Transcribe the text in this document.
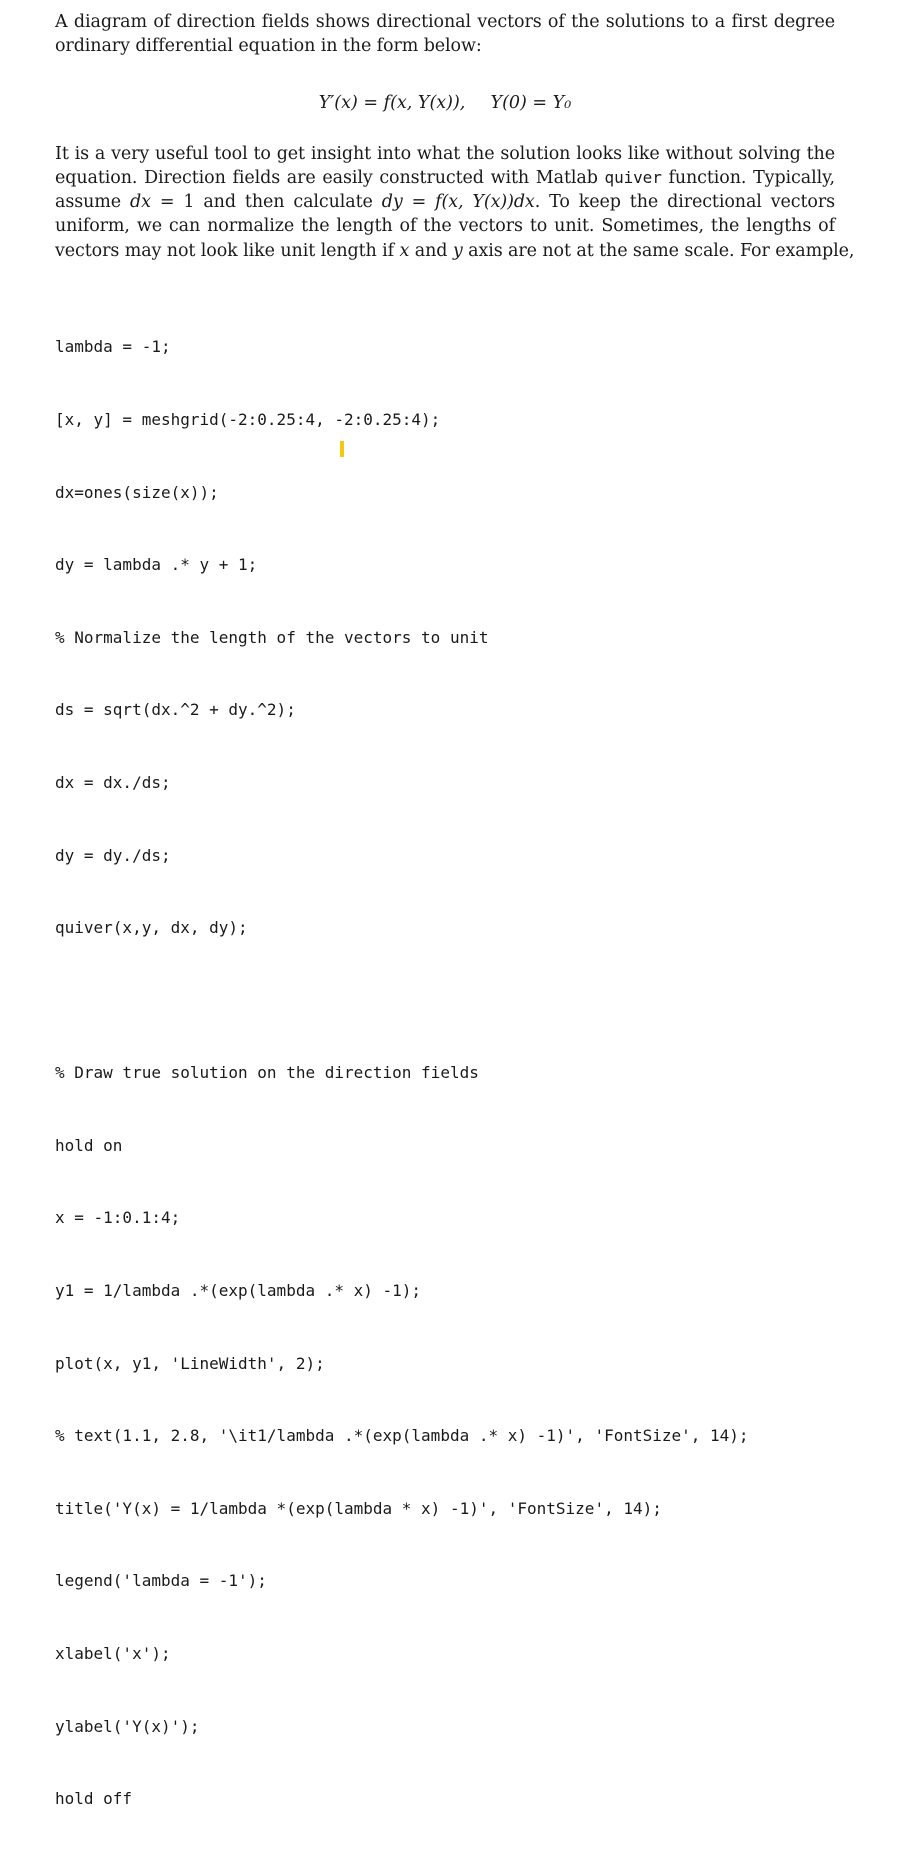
A diagram of direction fields shows directional vectors of the solutions to a first degree
ordinary differential equation in the form below:

Y′(x) = f(x, Y(x)), Y(0) = Y₀

It is a very useful tool to get insight into what the solution looks like without solving the
equation. Direction fields are easily constructed with Matlab quiver function. Typically,
assume dx = 1 and then calculate dy = f(x, Y(x))dx. To keep the directional vectors
uniform, we can normalize the length of the vectors to unit. Sometimes, the lengths of
vectors may not look like unit length if x and y axis are not at the same scale. For example,

lambda = -1;

[x, y] = meshgrid(-2:0.25:4, -2:0.25:4);

dx=ones(size(x));

dy = lambda .* y + 1;

% Normalize the length of the vectors to unit

ds = sqrt(dx.^2 + dy.^2);

dx = dx./ds;

dy = dy./ds;

quiver(x,y, dx, dy);

% Draw true solution on the direction fields

hold on

x = -1:0.1:4;

y1 = 1/lambda .*(exp(lambda .* x) -1);

plot(x, y1, 'LineWidth', 2);

% text(1.1, 2.8, '\it1/lambda .*(exp(lambda .* x) -1)', 'FontSize', 14);

title('Y(x) = 1/lambda *(exp(lambda * x) -1)', 'FontSize', 14);

legend('lambda = -1');

xlabel('x');

ylabel('Y(x)');

hold off
